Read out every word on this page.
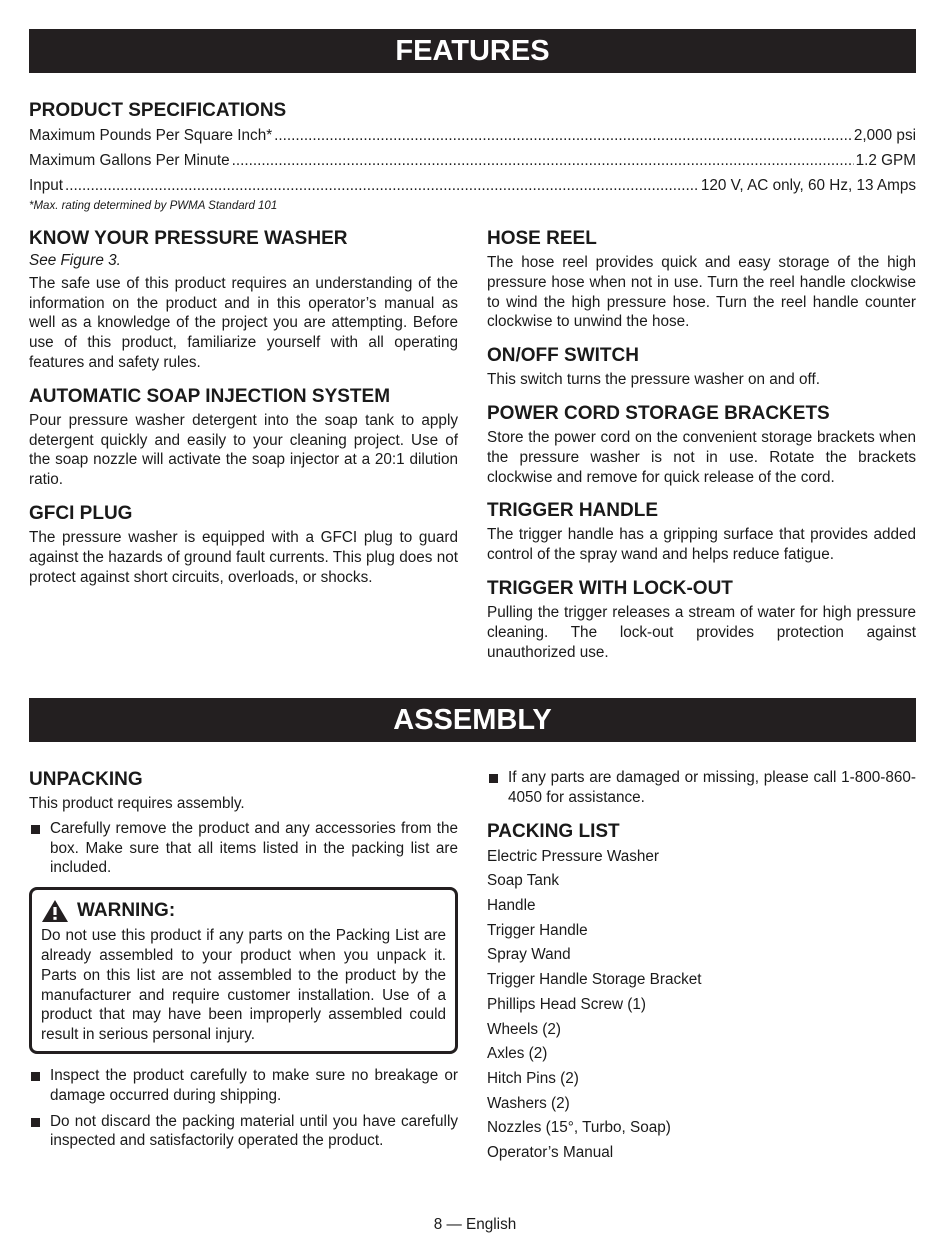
FEATURES
PRODUCT SPECIFICATIONS
Maximum Pounds Per Square Inch* .....	2,000 psi
Maximum Gallons Per Minute .....	1.2 GPM
Input .....	120 V, AC only, 60 Hz, 13 Amps
*Max. rating determined by PWMA Standard 101
KNOW YOUR PRESSURE WASHER
See Figure 3.
The safe use of this product requires an understanding of the information on the product and in this operator’s manual as well as a knowledge of the project you are attempting. Before use of this product, familiarize yourself with all operating features and safety rules.
AUTOMATIC SOAP INJECTION SYSTEM
Pour pressure washer detergent into the soap tank to apply detergent quickly and easily to your cleaning project. Use of the soap nozzle will activate the soap injector at a 20:1 dilution ratio.
GFCI PLUG
The pressure washer is equipped with a GFCI plug to guard against the hazards of ground fault currents. This plug does not protect against short circuits, overloads, or shocks.
HOSE REEL
The hose reel provides quick and easy storage of the high pressure hose when not in use. Turn the reel handle clockwise to wind the high pressure hose. Turn the reel handle counter clockwise to unwind the hose.
ON/OFF SWITCH
This switch turns the pressure washer on and off.
POWER CORD STORAGE BRACKETS
Store the power cord on the convenient storage brackets when the pressure washer is not in use. Rotate the brackets clockwise and remove for quick release of the cord.
TRIGGER HANDLE
The trigger handle has a gripping surface that provides added control of the spray wand and helps reduce fatigue.
TRIGGER WITH LOCK-OUT
Pulling the trigger releases a stream of water for high pressure cleaning. The lock-out provides protection against unauthorized use.
ASSEMBLY
UNPACKING
This product requires assembly.
Carefully remove the product and any accessories from the box. Make sure that all items listed in the packing list are included.
WARNING:
Do not use this product if any parts on the Packing List are already assembled to your product when you unpack it. Parts on this list are not assembled to the product by the manufacturer and require customer installation. Use of a product that may have been improperly assembled could result in serious personal injury.
Inspect the product carefully to make sure no breakage or damage occurred during shipping.
Do not discard the packing material until you have carefully inspected and satisfactorily operated the product.
If any parts are damaged or missing, please call 1-800-860-4050 for assistance.
PACKING LIST
Electric Pressure Washer
Soap Tank
Handle
Trigger Handle
Spray Wand
Trigger Handle Storage Bracket
Phillips Head Screw (1)
Wheels (2)
Axles (2)
Hitch Pins (2)
Washers (2)
Nozzles (15°, Turbo, Soap)
Operator’s Manual
8 — English
